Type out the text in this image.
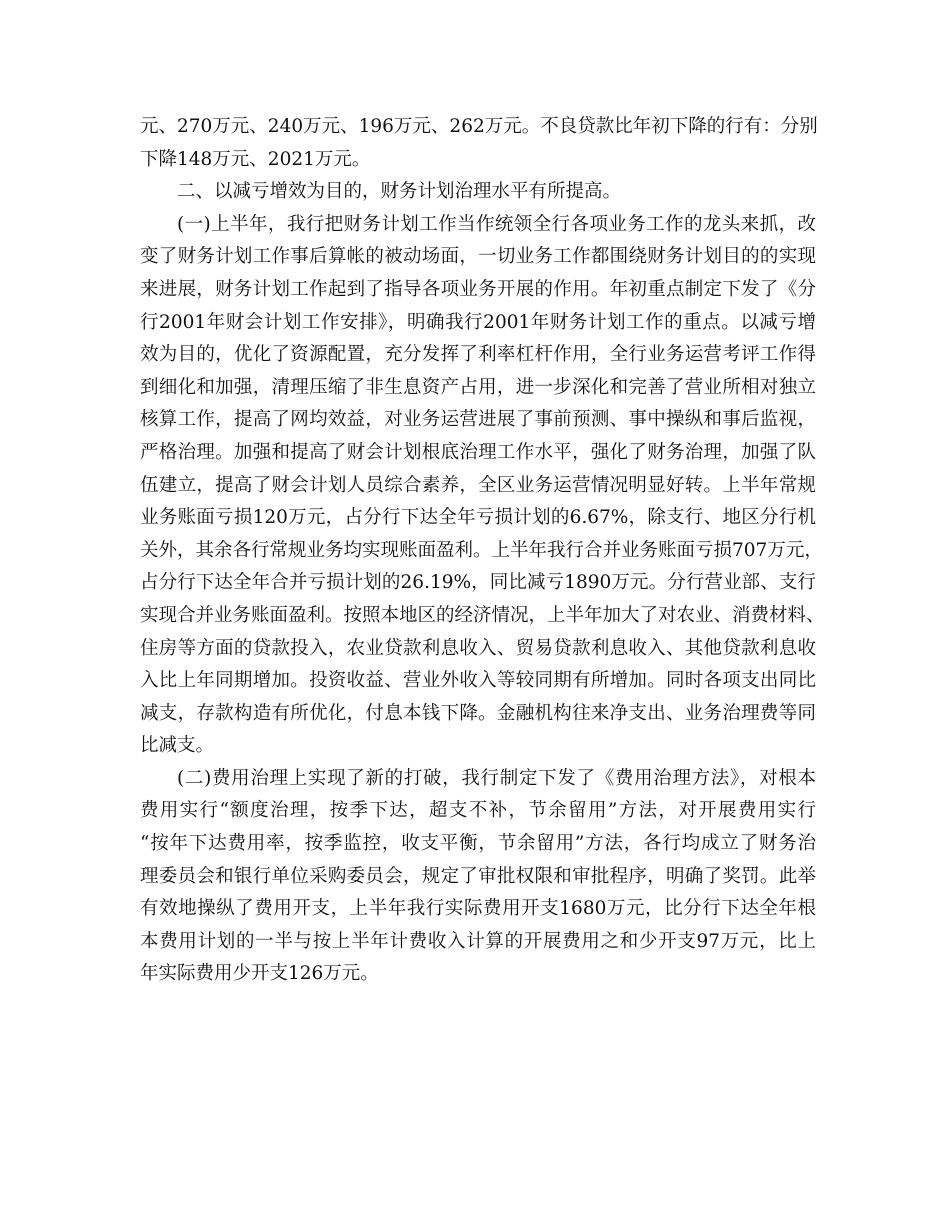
元、270万元、240万元、196万元、262万元。不良贷款比年初下降的行有：分别
下降148万元、2021万元。
二、以减亏增效为目的，财务计划治理水平有所提高。
(一)上半年，我行把财务计划工作当作统领全行各项业务工作的龙头来抓，改
变了财务计划工作事后算帐的被动场面，一切业务工作都围绕财务计划目的的实现
来进展，财务计划工作起到了指导各项业务开展的作用。年初重点制定下发了《分
行2001年财会计划工作安排》，明确我行2001年财务计划工作的重点。以减亏增
效为目的，优化了资源配置，充分发挥了利率杠杆作用，全行业务运营考评工作得
到细化和加强，清理压缩了非生息资产占用，进一步深化和完善了营业所相对独立
核算工作，提高了网均效益，对业务运营进展了事前预测、事中操纵和事后监视，
严格治理。加强和提高了财会计划根底治理工作水平，强化了财务治理，加强了队
伍建立，提高了财会计划人员综合素养，全区业务运营情况明显好转。上半年常规
业务账面亏损120万元，占分行下达全年亏损计划的6.67%，除支行、地区分行机
关外，其余各行常规业务均实现账面盈利。上半年我行合并业务账面亏损707万元，
占分行下达全年合并亏损计划的26.19%，同比减亏1890万元。分行营业部、支行
实现合并业务账面盈利。按照本地区的经济情况，上半年加大了对农业、消费材料、
住房等方面的贷款投入，农业贷款利息收入、贸易贷款利息收入、其他贷款利息收
入比上年同期增加。投资收益、营业外收入等较同期有所增加。同时各项支出同比
减支，存款构造有所优化，付息本钱下降。金融机构往来净支出、业务治理费等同
比减支。
(二)费用治理上实现了新的打破，我行制定下发了《费用治理方法》，对根本
费用实行“额度治理，按季下达，超支不补，节余留用”方法，对开展费用实行
“按年下达费用率，按季监控，收支平衡，节余留用”方法，各行均成立了财务治
理委员会和银行单位采购委员会，规定了审批权限和审批程序，明确了奖罚。此举
有效地操纵了费用开支，上半年我行实际费用开支1680万元，比分行下达全年根
本费用计划的一半与按上半年计费收入计算的开展费用之和少开支97万元，比上
年实际费用少开支126万元。
